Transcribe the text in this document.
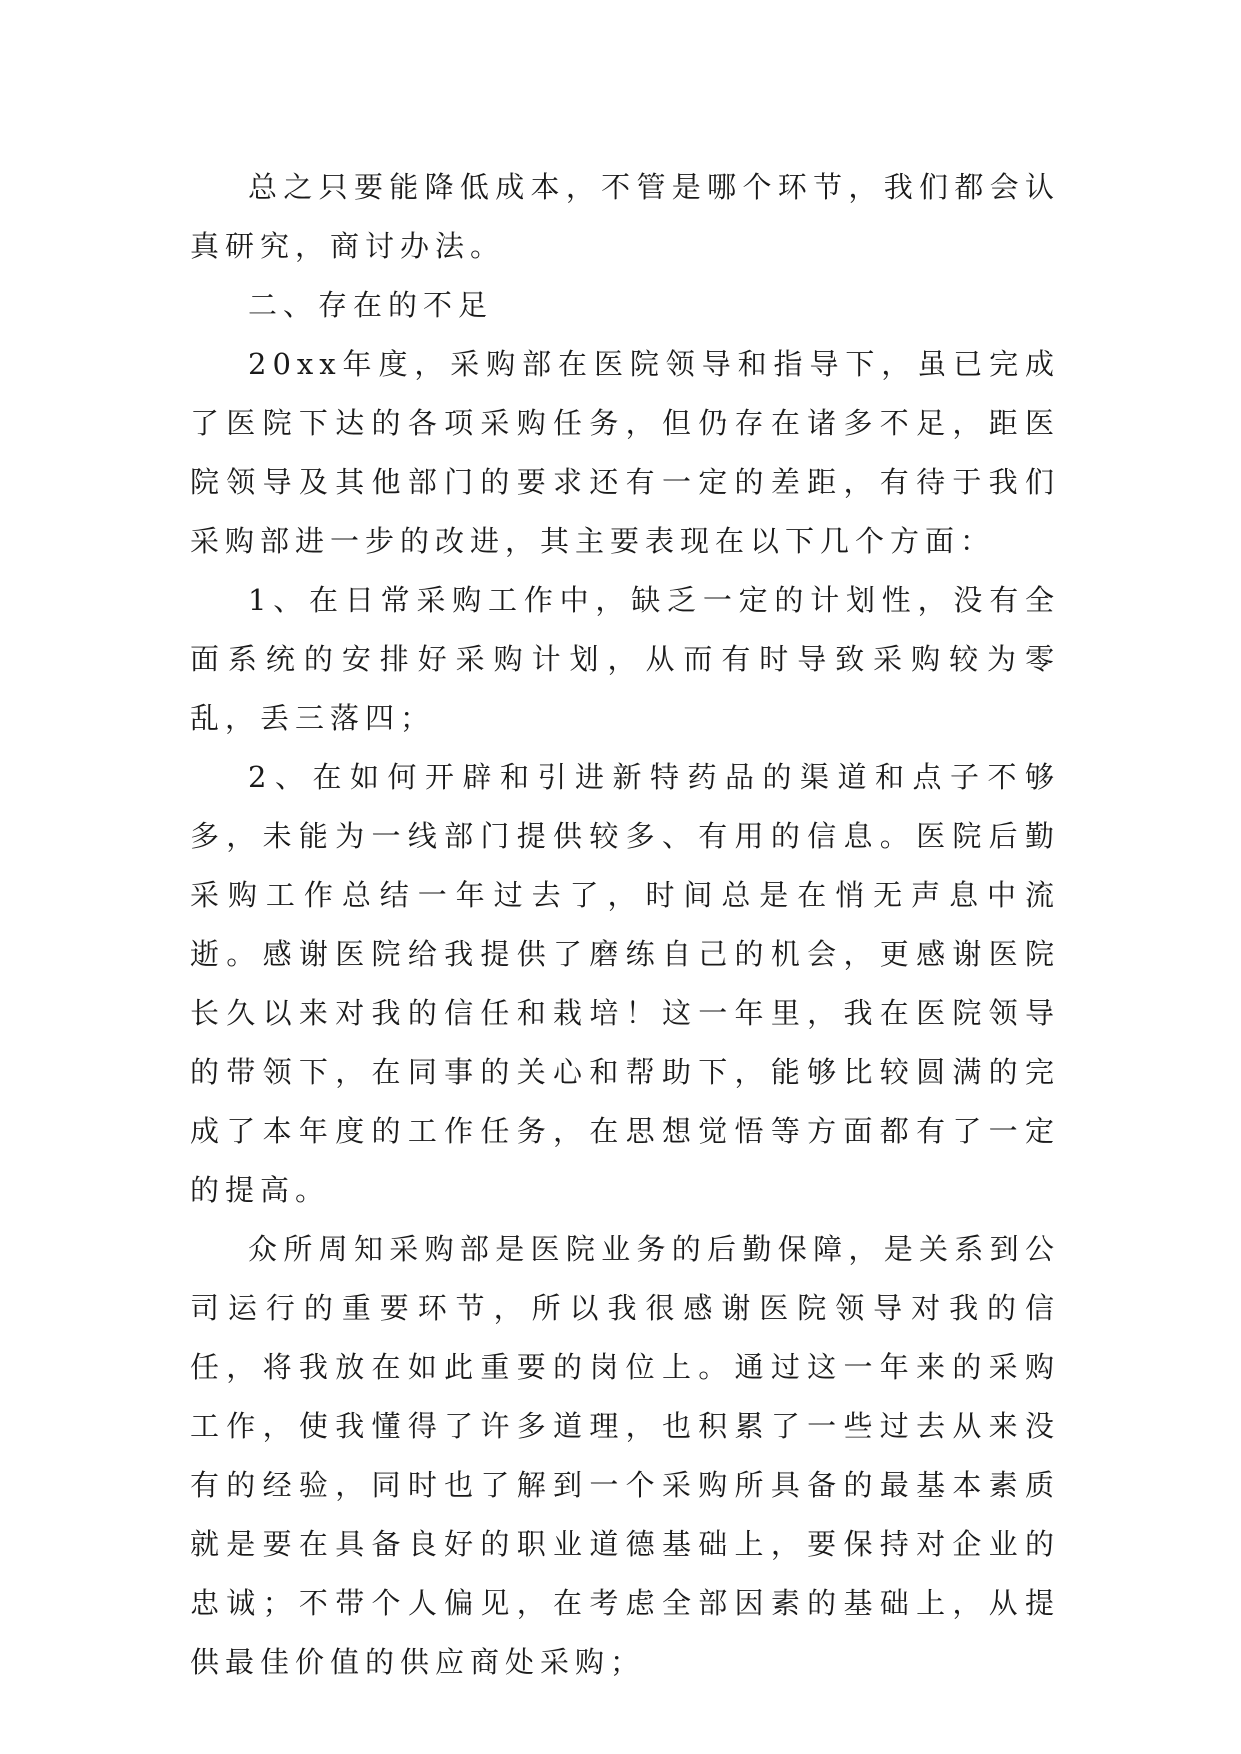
总之只要能降低成本，不管是哪个环节，我们都会认真研究，商讨办法。

二、存在的不足

20xx年度，采购部在医院领导和指导下，虽已完成了医院下达的各项采购任务，但仍存在诸多不足，距医院领导及其他部门的要求还有一定的差距，有待于我们采购部进一步的改进，其主要表现在以下几个方面：

1、在日常采购工作中，缺乏一定的计划性，没有全面系统的安排好采购计划，从而有时导致采购较为零乱，丢三落四；

2、在如何开辟和引进新特药品的渠道和点子不够多，未能为一线部门提供较多、有用的信息。医院后勤采购工作总结一年过去了，时间总是在悄无声息中流逝。感谢医院给我提供了磨练自己的机会，更感谢医院长久以来对我的信任和栽培！这一年里，我在医院领导的带领下，在同事的关心和帮助下，能够比较圆满的完成了本年度的工作任务，在思想觉悟等方面都有了一定的提高。

众所周知采购部是医院业务的后勤保障，是关系到公司运行的重要环节，所以我很感谢医院领导对我的信任，将我放在如此重要的岗位上。通过这一年来的采购工作，使我懂得了许多道理，也积累了一些过去从来没有的经验，同时也了解到一个采购所具备的最基本素质就是要在具备良好的职业道德基础上，要保持对企业的忠诚；不带个人偏见，在考虑全部因素的基础上，从提供最佳价值的供应商处采购；
